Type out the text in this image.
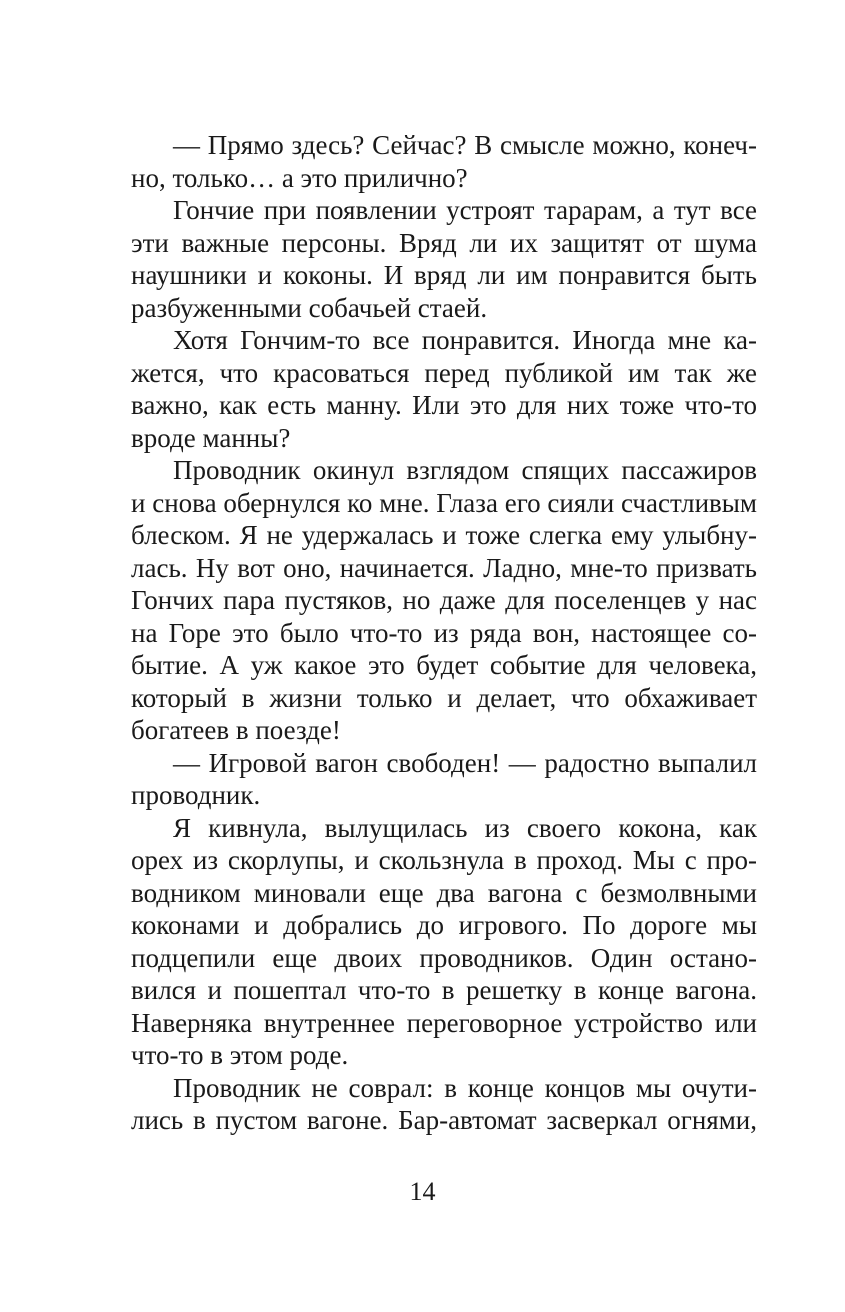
— Прямо здесь? Сейчас? В смысле можно, конеч-
но, только… а это прилично?

Гончие при появлении устроят тарарам, а тут все
эти важные персоны. Вряд ли их защитят от шума
наушники и коконы. И вряд ли им понравится быть
разбуженными собачьей стаей.

Хотя Гончим-то все понравится. Иногда мне ка-
жется, что красоваться перед публикой им так же
важно, как есть манну. Или это для них тоже что-то
вроде манны?

Проводник окинул взглядом спящих пассажиров
и снова обернулся ко мне. Глаза его сияли счастливым
блеском. Я не удержалась и тоже слегка ему улыбну-
лась. Ну вот оно, начинается. Ладно, мне-то призвать
Гончих пара пустяков, но даже для поселенцев у нас
на Горе это было что-то из ряда вон, настоящее со-
бытие. А уж какое это будет событие для человека,
который в жизни только и делает, что обхаживает
богатеев в поезде!

— Игровой вагон свободен! — радостно выпалил
проводник.

Я кивнула, вылущилась из своего кокона, как
орех из скорлупы, и скользнула в проход. Мы с про-
водником миновали еще два вагона с безмолвными
коконами и добрались до игрового. По дороге мы
подцепили еще двоих проводников. Один остано-
вился и пошептал что-то в решетку в конце вагона.
Наверняка внутреннее переговорное устройство или
что-то в этом роде.

Проводник не соврал: в конце концов мы очути-
лись в пустом вагоне. Бар-автомат засверкал огнями,

14
